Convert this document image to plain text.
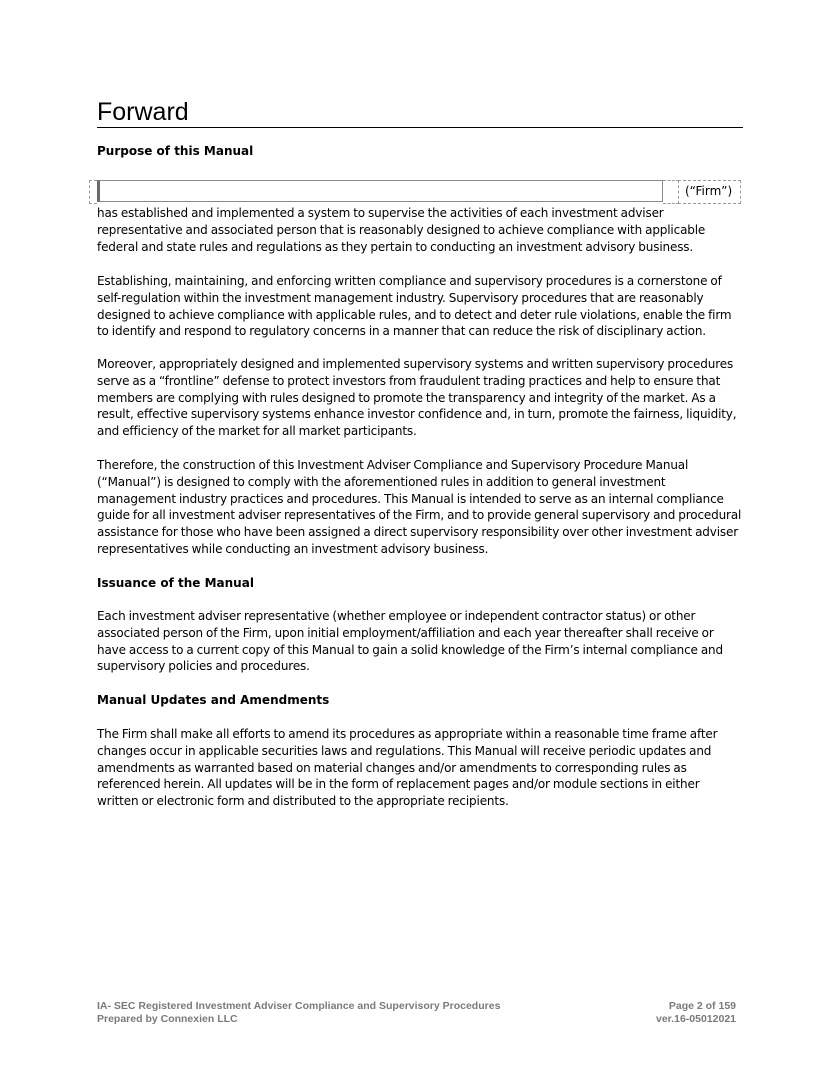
Forward
Purpose of this Manual
(“Firm”)
has established and implemented a system to supervise the activities of each investment adviser representative and associated person that is reasonably designed to achieve compliance with applicable federal and state rules and regulations as they pertain to conducting an investment advisory business.
Establishing, maintaining, and enforcing written compliance and supervisory procedures is a cornerstone of self-regulation within the investment management industry. Supervisory procedures that are reasonably designed to achieve compliance with applicable rules, and to detect and deter rule violations, enable the firm to identify and respond to regulatory concerns in a manner that can reduce the risk of disciplinary action.
Moreover, appropriately designed and implemented supervisory systems and written supervisory procedures serve as a “frontline” defense to protect investors from fraudulent trading practices and help to ensure that members are complying with rules designed to promote the transparency and integrity of the market. As a result, effective supervisory systems enhance investor confidence and, in turn, promote the fairness, liquidity, and efficiency of the market for all market participants.
Therefore, the construction of this Investment Adviser Compliance and Supervisory Procedure Manual (“Manual”) is designed to comply with the aforementioned rules in addition to general investment management industry practices and procedures. This Manual is intended to serve as an internal compliance guide for all investment adviser representatives of the Firm, and to provide general supervisory and procedural assistance for those who have been assigned a direct supervisory responsibility over other investment adviser representatives while conducting an investment advisory business.
Issuance of the Manual
Each investment adviser representative (whether employee or independent contractor status) or other associated person of the Firm, upon initial employment/affiliation and each year thereafter shall receive or have access to a current copy of this Manual to gain a solid knowledge of the Firm’s internal compliance and supervisory policies and procedures.
Manual Updates and Amendments
The Firm shall make all efforts to amend its procedures as appropriate within a reasonable time frame after changes occur in applicable securities laws and regulations. This Manual will receive periodic updates and amendments as warranted based on material changes and/or amendments to corresponding rules as referenced herein. All updates will be in the form of replacement pages and/or module sections in either written or electronic form and distributed to the appropriate recipients.
IA- SEC Registered Investment Adviser Compliance and Supervisory Procedures
Prepared by Connexien LLC
Page 2 of 159
ver.16-05012021
